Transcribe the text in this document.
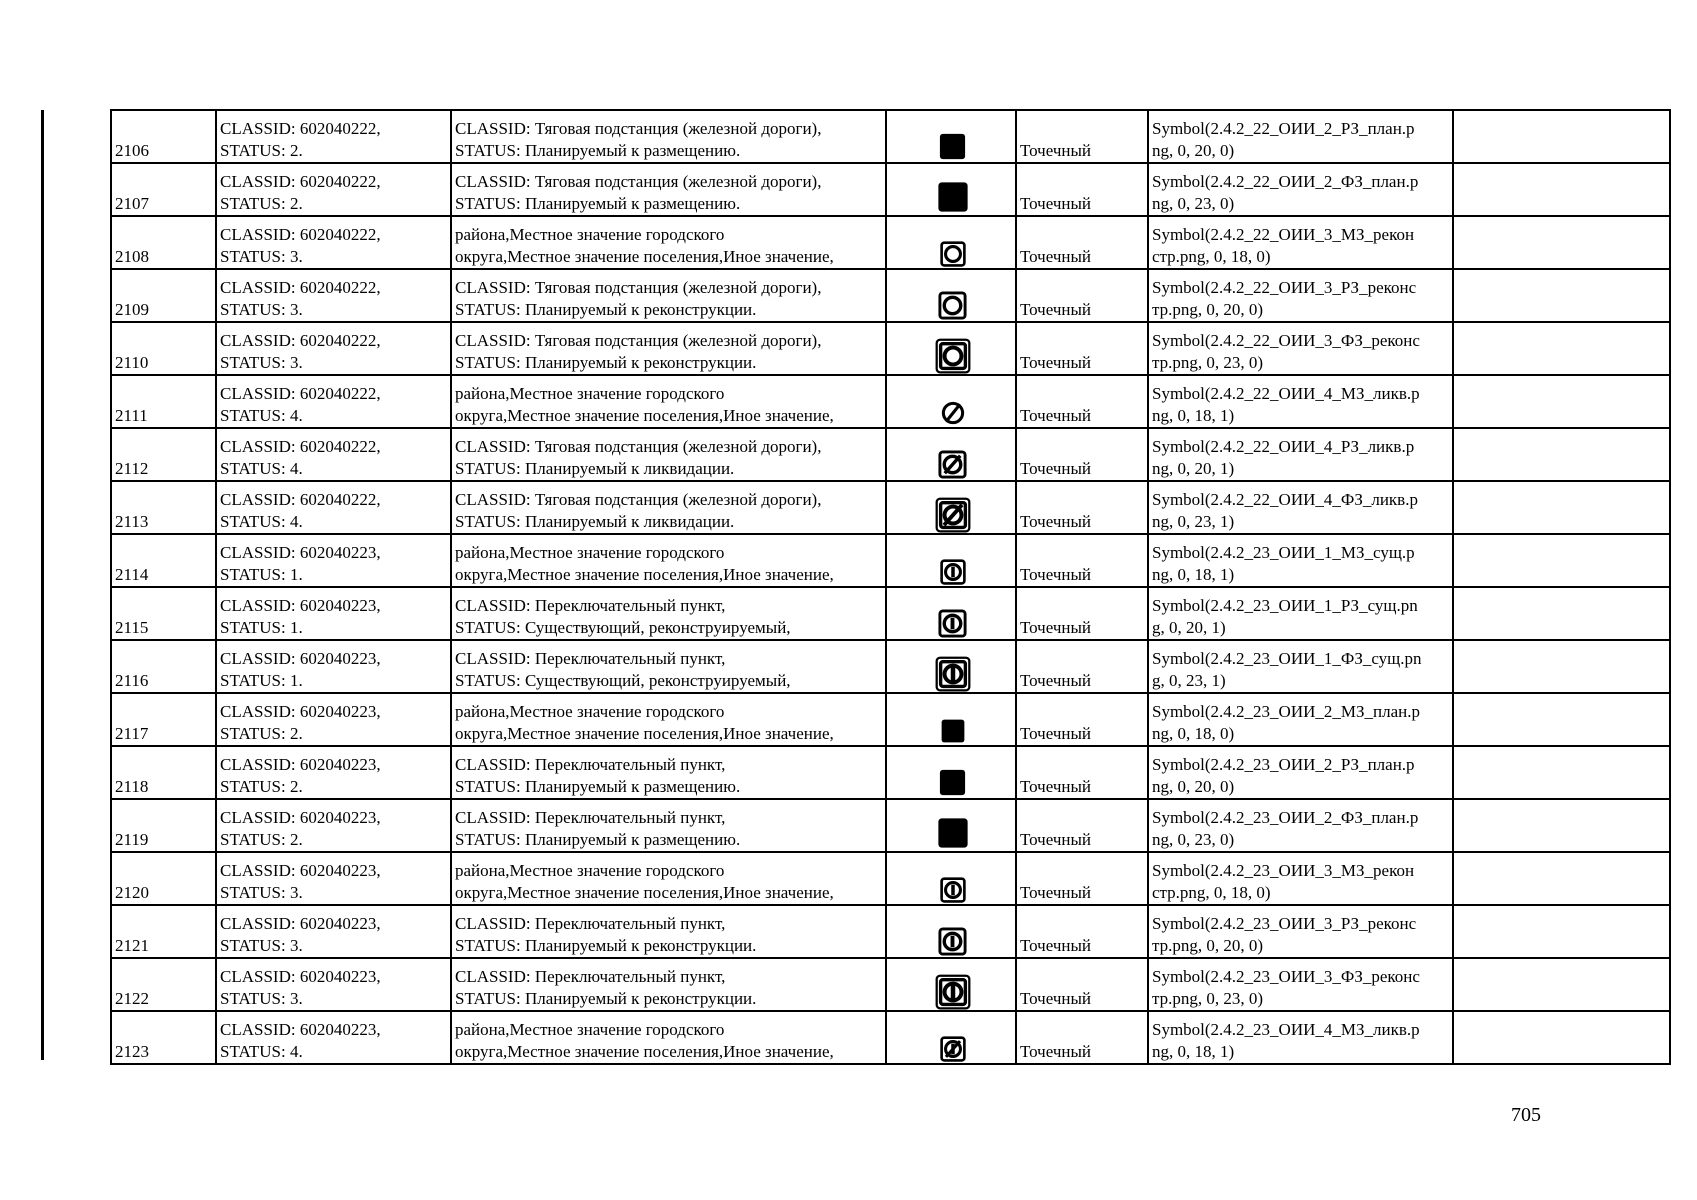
2106	CLASSID: 602040222,
STATUS: 2.	CLASSID: Тяговая подстанция (железной дороги),
STATUS: Планируемый к размещению.		Точечный	Symbol(2.4.2_22_ОИИ_2_РЗ_план.p
ng, 0, 20, 0)	

2107	CLASSID: 602040222,
STATUS: 2.	CLASSID: Тяговая подстанция (железной дороги),
STATUS: Планируемый к размещению.		Точечный	Symbol(2.4.2_22_ОИИ_2_ФЗ_план.p
ng, 0, 23, 0)	

2108	CLASSID: 602040222,
STATUS: 3.	района,Местное значение городского
округа,Местное значение поселения,Иное значение,		Точечный	Symbol(2.4.2_22_ОИИ_3_МЗ_рекон
стр.png, 0, 18, 0)	

2109	CLASSID: 602040222,
STATUS: 3.	CLASSID: Тяговая подстанция (железной дороги),
STATUS: Планируемый к реконструкции.		Точечный	Symbol(2.4.2_22_ОИИ_3_РЗ_реконс
тр.png, 0, 20, 0)	

2110	CLASSID: 602040222,
STATUS: 3.	CLASSID: Тяговая подстанция (железной дороги),
STATUS: Планируемый к реконструкции.		Точечный	Symbol(2.4.2_22_ОИИ_3_ФЗ_реконс
тр.png, 0, 23, 0)	

2111	CLASSID: 602040222,
STATUS: 4.	района,Местное значение городского
округа,Местное значение поселения,Иное значение,		Точечный	Symbol(2.4.2_22_ОИИ_4_МЗ_ликв.p
ng, 0, 18, 1)	

2112	CLASSID: 602040222,
STATUS: 4.	CLASSID: Тяговая подстанция (железной дороги),
STATUS: Планируемый к ликвидации.		Точечный	Symbol(2.4.2_22_ОИИ_4_РЗ_ликв.p
ng, 0, 20, 1)	

2113	CLASSID: 602040222,
STATUS: 4.	CLASSID: Тяговая подстанция (железной дороги),
STATUS: Планируемый к ликвидации.		Точечный	Symbol(2.4.2_22_ОИИ_4_ФЗ_ликв.p
ng, 0, 23, 1)	

2114	CLASSID: 602040223,
STATUS: 1.	района,Местное значение городского
округа,Местное значение поселения,Иное значение,		Точечный	Symbol(2.4.2_23_ОИИ_1_МЗ_сущ.p
ng, 0, 18, 1)	

2115	CLASSID: 602040223,
STATUS: 1.	CLASSID: Переключательный пункт,
STATUS: Существующий, реконструируемый,		Точечный	Symbol(2.4.2_23_ОИИ_1_РЗ_сущ.pn
g, 0, 20, 1)	

2116	CLASSID: 602040223,
STATUS: 1.	CLASSID: Переключательный пункт,
STATUS: Существующий, реконструируемый,		Точечный	Symbol(2.4.2_23_ОИИ_1_ФЗ_сущ.pn
g, 0, 23, 1)	

2117	CLASSID: 602040223,
STATUS: 2.	района,Местное значение городского
округа,Местное значение поселения,Иное значение,		Точечный	Symbol(2.4.2_23_ОИИ_2_МЗ_план.p
ng, 0, 18, 0)	

2118	CLASSID: 602040223,
STATUS: 2.	CLASSID: Переключательный пункт,
STATUS: Планируемый к размещению.		Точечный	Symbol(2.4.2_23_ОИИ_2_РЗ_план.p
ng, 0, 20, 0)	

2119	CLASSID: 602040223,
STATUS: 2.	CLASSID: Переключательный пункт,
STATUS: Планируемый к размещению.		Точечный	Symbol(2.4.2_23_ОИИ_2_ФЗ_план.p
ng, 0, 23, 0)	

2120	CLASSID: 602040223,
STATUS: 3.	района,Местное значение городского
округа,Местное значение поселения,Иное значение,		Точечный	Symbol(2.4.2_23_ОИИ_3_МЗ_рекон
стр.png, 0, 18, 0)	

2121	CLASSID: 602040223,
STATUS: 3.	CLASSID: Переключательный пункт,
STATUS: Планируемый к реконструкции.		Точечный	Symbol(2.4.2_23_ОИИ_3_РЗ_реконс
тр.png, 0, 20, 0)	

2122	CLASSID: 602040223,
STATUS: 3.	CLASSID: Переключательный пункт,
STATUS: Планируемый к реконструкции.		Точечный	Symbol(2.4.2_23_ОИИ_3_ФЗ_реконс
тр.png, 0, 23, 0)	

2123	CLASSID: 602040223,
STATUS: 4.	района,Местное значение городского
округа,Местное значение поселения,Иное значение,		Точечный	Symbol(2.4.2_23_ОИИ_4_МЗ_ликв.p
ng, 0, 18, 1)	

705
